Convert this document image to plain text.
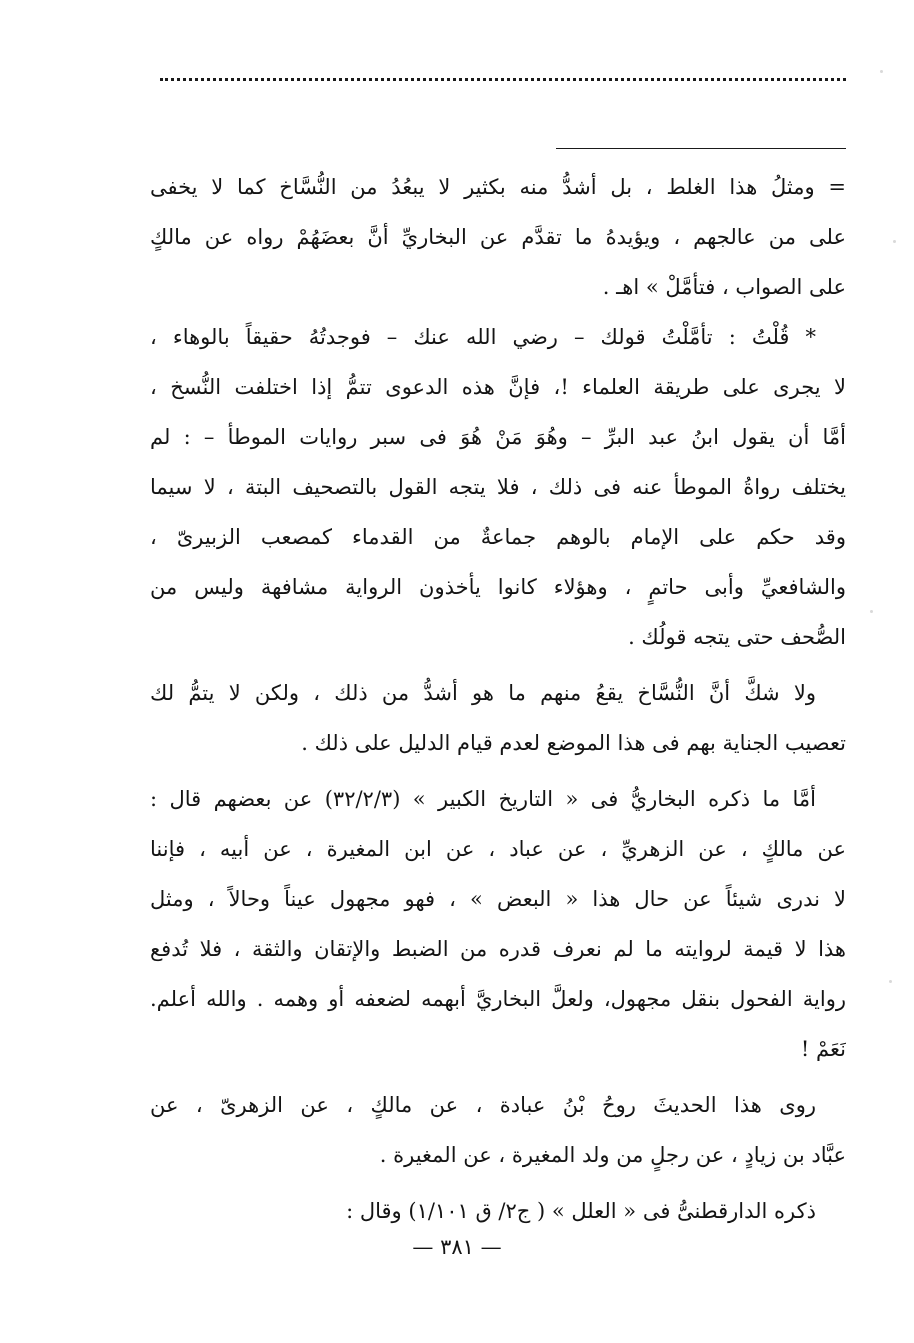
= ومثلُ هذا الغلط ، بل أشدُّ منه بكثير لا يبعُدُ من النُّسَّاخ كما لا يخفى
على من عالجهم ، ويؤيدهُ ما تقدَّم عن البخاريِّ أنَّ بعضَهُمْ رواه عن مالكٍ
على الصواب ، فتأمَّلْ » اهـ .
* قُلْتُ : تأمَّلْتُ قولك – رضي الله عنك – فوجدتُهُ حقيقاً بالوهاء ،
لا يجرى على طريقة العلماء !، فإنَّ هذه الدعوى تتمُّ إذا اختلفت النُّسخ ،
أمَّا أن يقول ابنُ عبد البرِّ – وهُوَ مَنْ هُوَ فى سبر روايات الموطأ – : لم
يختلف رواةُ الموطأ عنه فى ذلك ، فلا يتجه القول بالتصحيف البتة ، لا سيما
وقد حكم على الإمام بالوهم جماعةٌ من القدماء كمصعب الزبيرىّ ،
والشافعيِّ وأبى حاتمٍ ، وهؤلاء كانوا يأخذون الرواية مشافهة وليس من
الصُّحف حتى يتجه قولُك .
ولا شكَّ أنَّ النُّسَّاخ يقعُ منهم ما هو أشدُّ من ذلك ، ولكن لا يتمُّ لك
تعصيب الجناية بهم فى هذا الموضع لعدم قيام الدليل على ذلك .
أمَّا ما ذكره البخاريُّ فى « التاريخ الكبير » (٣٢/٢/٣) عن بعضهم قال :
عن مالكٍ ، عن الزهريِّ ، عن عباد ، عن ابن المغيرة ، عن أبيه ، فإننا
لا ندرى شيئاً عن حال هذا « البعض » ، فهو مجهول عيناً وحالاً ، ومثل
هذا لا قيمة لروايته ما لم نعرف قدره من الضبط والإتقان والثقة ، فلا تُدفع
رواية الفحول بنقل مجهول، ولعلَّ البخاريَّ أبهمه لضعفه أو وهمه . والله أعلم.
نَعَمْ !
روى هذا الحديثَ روحُ بْنُ عبادة ، عن مالكٍ ، عن الزهرىّ ، عن
عبَّاد بن زيادٍ ، عن رجلٍ من ولد المغيرة ، عن المغيرة .
ذكره الدارقطنىُّ فى « العلل » ( ج٢/ ق ١/١٠١) وقال :
— ٣٨١ —
